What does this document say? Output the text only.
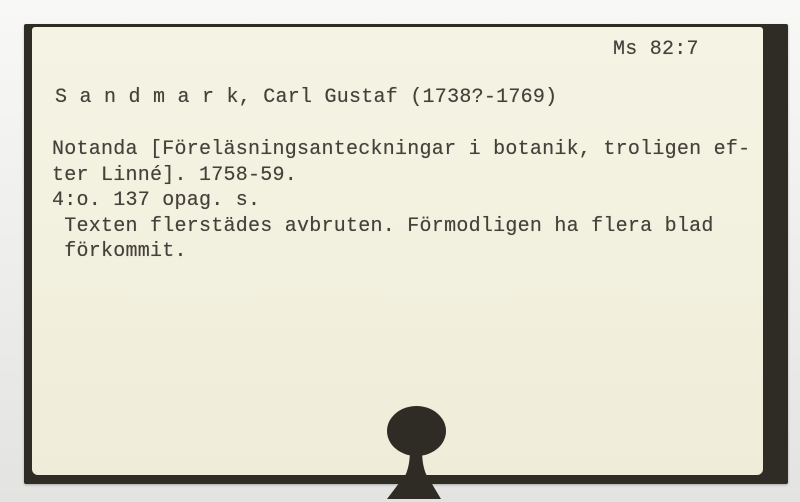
Ms 82:7
S a n d m a r k, Carl Gustaf (1738?-1769)
Notanda [Föreläsningsanteckningar i botanik, troligen ef-
ter Linné]. 1758-59.
4:o. 137 opag. s.
Texten flerstädes avbruten. Förmodligen ha flera blad
förkommit.
